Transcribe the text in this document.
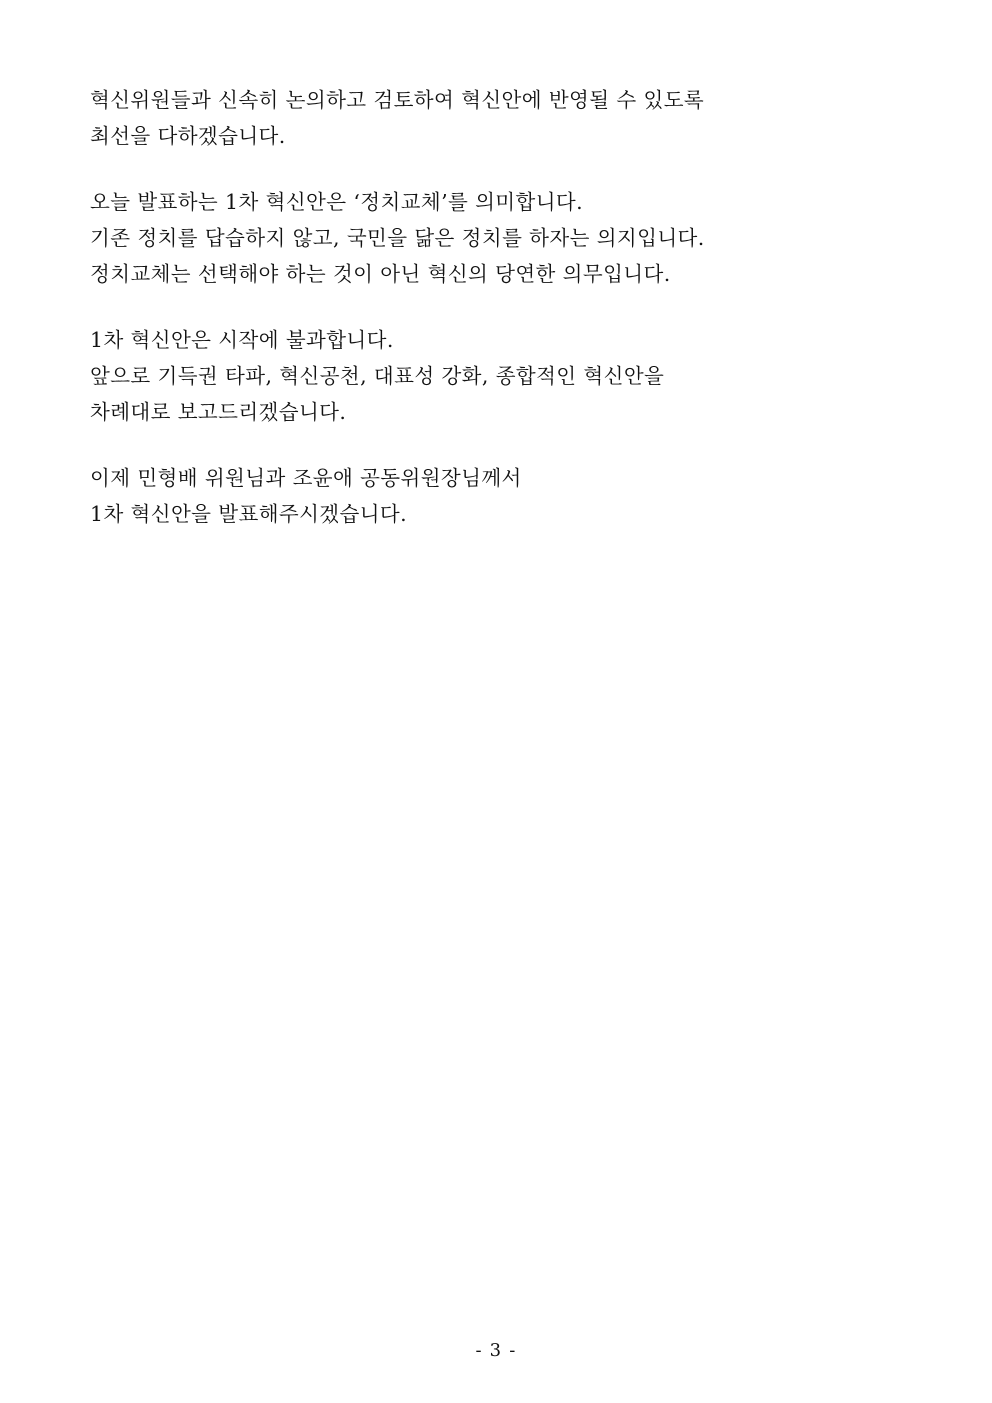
혁신위원들과 신속히 논의하고 검토하여 혁신안에 반영될 수 있도록
최선을 다하겠습니다.
오늘 발표하는 1차 혁신안은 ‘정치교체’를 의미합니다.
기존 정치를 답습하지 않고, 국민을 닮은 정치를 하자는 의지입니다.
정치교체는 선택해야 하는 것이 아닌 혁신의 당연한 의무입니다.
1차 혁신안은 시작에 불과합니다.
앞으로 기득권 타파, 혁신공천, 대표성 강화, 종합적인 혁신안을
차례대로 보고드리겠습니다.
이제 민형배 위원님과 조윤애 공동위원장님께서
1차 혁신안을 발표해주시겠습니다.
- 3 -
